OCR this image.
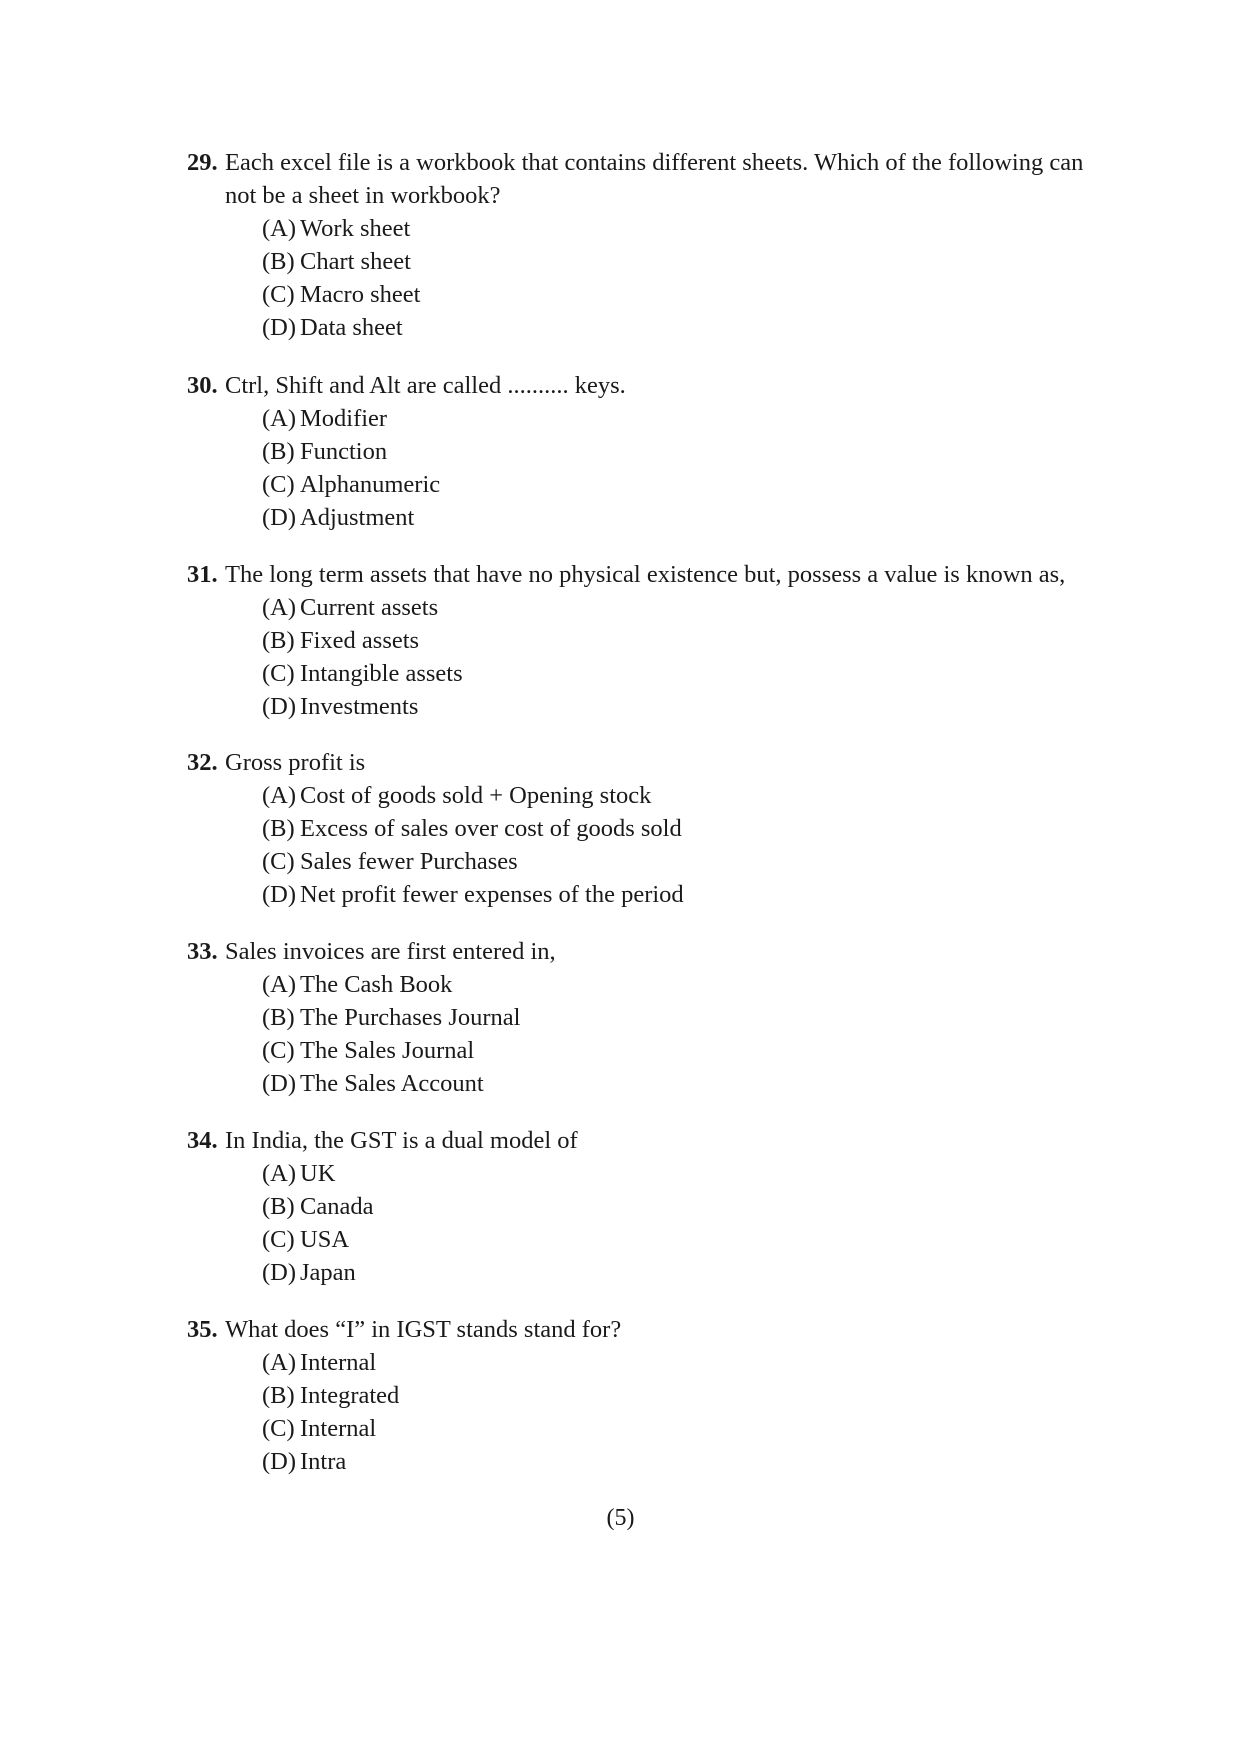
29. Each excel file is a workbook that contains different sheets. Which of the following can not be a sheet in workbook?
(A) Work sheet
(B) Chart sheet
(C) Macro sheet
(D) Data sheet
30. Ctrl, Shift and Alt are called .......... keys.
(A) Modifier
(B) Function
(C) Alphanumeric
(D) Adjustment
31. The long term assets that have no physical existence but, possess a value is known as,
(A) Current assets
(B) Fixed assets
(C) Intangible assets
(D) Investments
32. Gross profit is
(A) Cost of goods sold + Opening stock
(B) Excess of sales over cost of goods sold
(C) Sales fewer Purchases
(D) Net profit fewer expenses of the period
33. Sales invoices are first entered in,
(A) The Cash Book
(B) The Purchases Journal
(C) The Sales Journal
(D) The Sales Account
34. In India, the GST is a dual model of
(A) UK
(B) Canada
(C) USA
(D) Japan
35. What does “I” in IGST stands stand for?
(A) Internal
(B) Integrated
(C) Internal
(D) Intra
(5)
